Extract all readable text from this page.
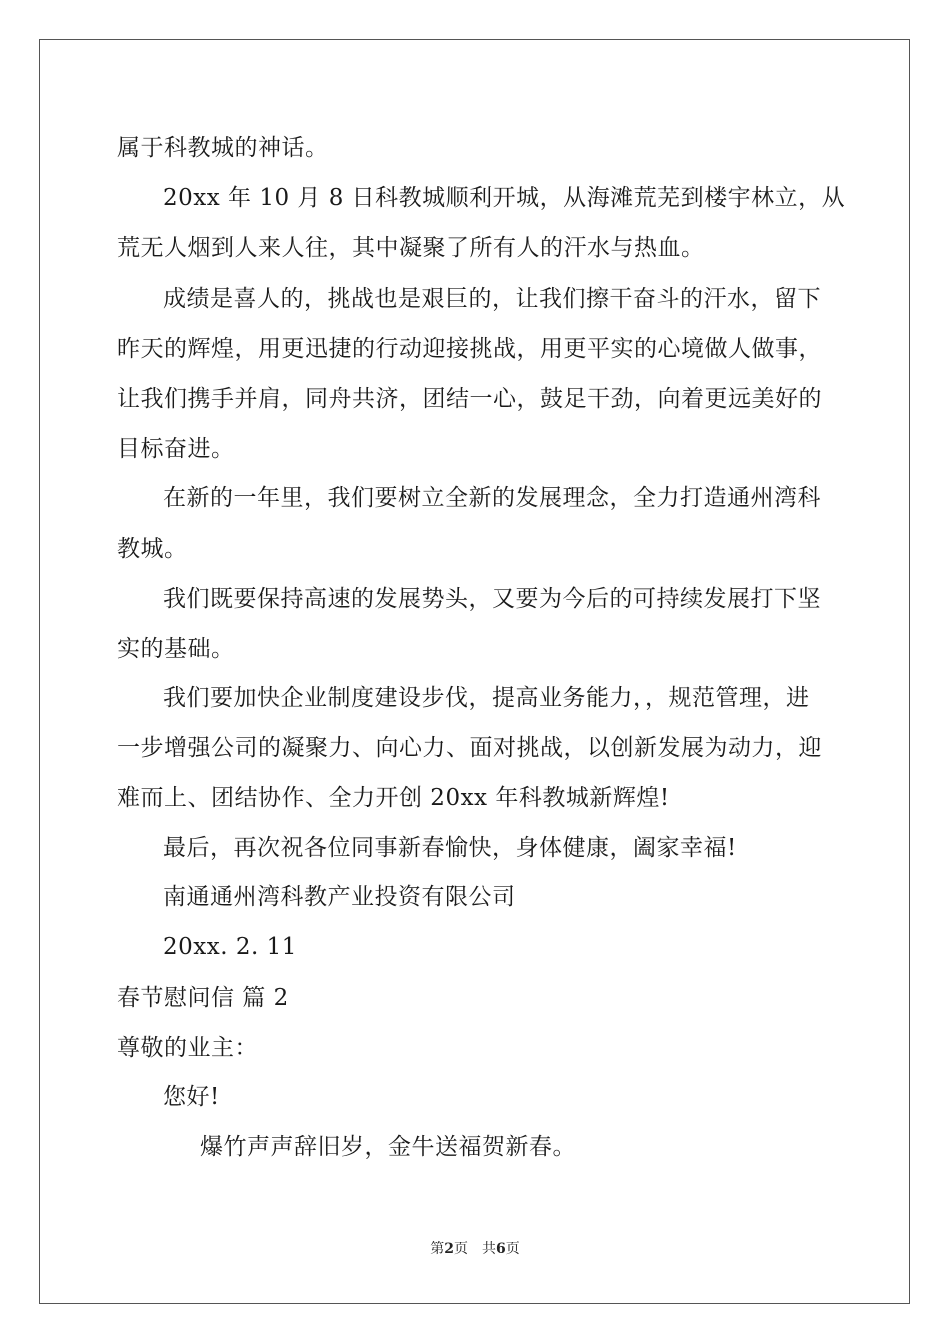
属于科教城的神话。
20xx 年 10 月 8 日科教城顺利开城，从海滩荒芜到楼宇林立，从
荒无人烟到人来人往，其中凝聚了所有人的汗水与热血。
成绩是喜人的，挑战也是艰巨的，让我们擦干奋斗的汗水，留下
昨天的辉煌，用更迅捷的行动迎接挑战，用更平实的心境做人做事，
让我们携手并肩，同舟共济，团结一心，鼓足干劲，向着更远美好的
目标奋进。
在新的一年里，我们要树立全新的发展理念，全力打造通州湾科
教城。
我们既要保持高速的发展势头，又要为今后的可持续发展打下坚
实的基础。
我们要加快企业制度建设步伐，提高业务能力，，规范管理，进
一步增强公司的凝聚力、向心力、面对挑战，以创新发展为动力，迎
难而上、团结协作、全力开创 20xx 年科教城新辉煌!
最后，再次祝各位同事新春愉快，身体健康，阖家幸福!
南通通州湾科教产业投资有限公司
20xx. 2. 11
春节慰问信 篇 2
尊敬的业主：
您好!
爆竹声声辞旧岁，金牛送福贺新春。
第2页 共6页
